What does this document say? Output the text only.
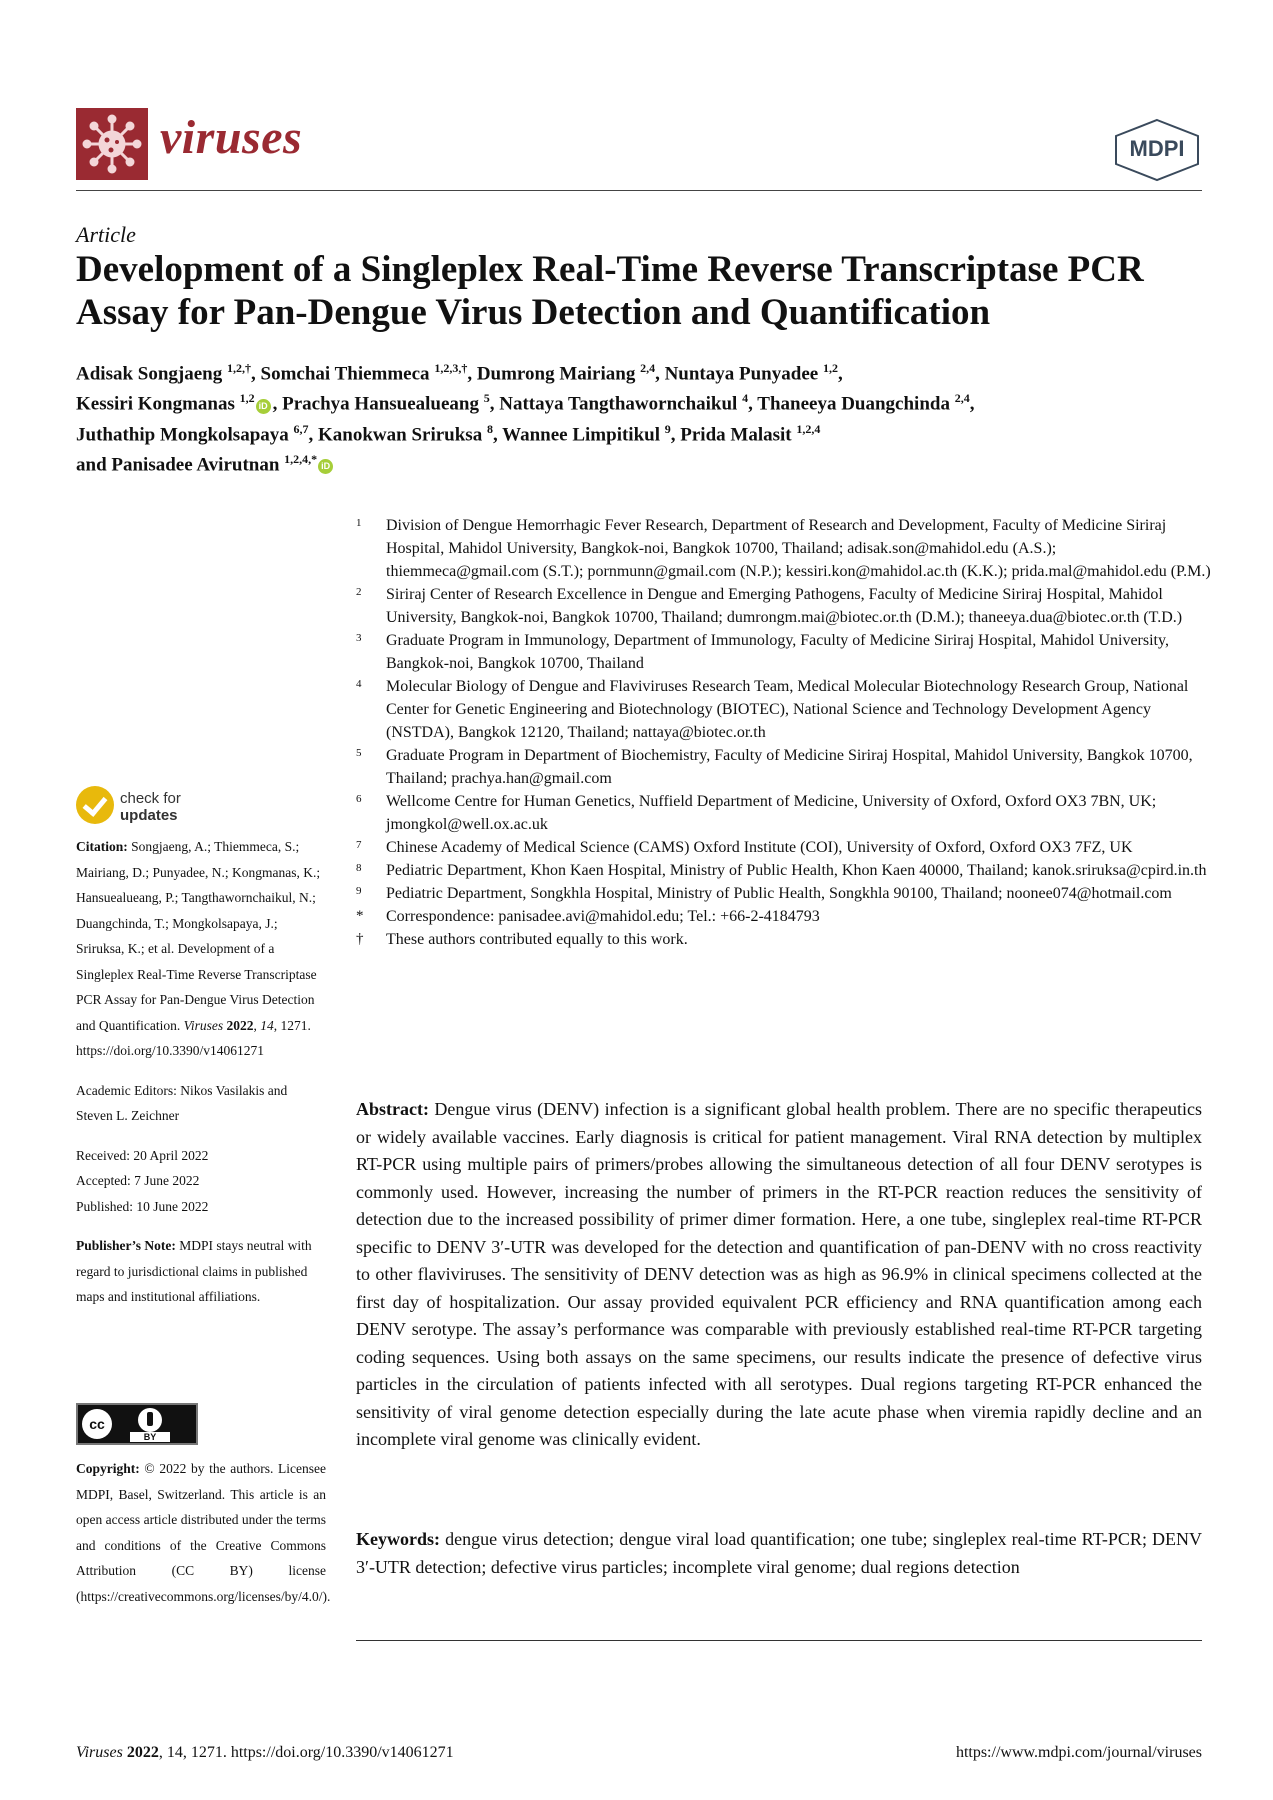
viruses	MDPI
Article
Development of a Singleplex Real-Time Reverse Transcriptase PCR Assay for Pan-Dengue Virus Detection and Quantification
Adisak Songjaeng $^{1,2,\dagger}$, Somchai Thiemmeca $^{1,2,3,\dagger}$, Dumrong Mairiang $^{2,4}$, Nuntaya Punyadee $^{1,2}$,
Kessiri Kongmanas $^{1,2}$iD , Prachya Hansuealueang $^5$, Nattaya Tangthawornchaikul $^4$, Thaneeya Duangchinda $^{2,4}$,
Juthathip Mongkolsapaya $^{6,7}$, Kanokwan Sriruksa $^8$, Wannee Limpitikul $^9$, Prida Malasit $^{1,2,4}$
and Panisadee Avirutnan $^{1,2,4,*}$iD
1	Division of Dengue Hemorrhagic Fever Research, Department of Research and Development, Faculty of Medicine Siriraj Hospital, Mahidol University, Bangkok-noi, Bangkok 10700, Thailand; adisak.son@mahidol.edu (A.S.); thiemmeca@gmail.com (S.T.); pornmunn@gmail.com (N.P.); kessiri.kon@mahidol.ac.th (K.K.); prida.mal@mahidol.edu (P.M.)
2	Siriraj Center of Research Excellence in Dengue and Emerging Pathogens, Faculty of Medicine Siriraj Hospital, Mahidol University, Bangkok-noi, Bangkok 10700, Thailand; dumrongm.mai@biotec.or.th (D.M.); thaneeya.dua@biotec.or.th (T.D.)
3	Graduate Program in Immunology, Department of Immunology, Faculty of Medicine Siriraj Hospital, Mahidol University, Bangkok-noi, Bangkok 10700, Thailand
4	Molecular Biology of Dengue and Flaviviruses Research Team, Medical Molecular Biotechnology Research Group, National Center for Genetic Engineering and Biotechnology (BIOTEC), National Science and Technology Development Agency (NSTDA), Bangkok 12120, Thailand; nattaya@biotec.or.th
5	Graduate Program in Department of Biochemistry, Faculty of Medicine Siriraj Hospital, Mahidol University, Bangkok 10700, Thailand; prachya.han@gmail.com
6	Wellcome Centre for Human Genetics, Nuffield Department of Medicine, University of Oxford, Oxford OX3 7BN, UK; jmongkol@well.ox.ac.uk
7	Chinese Academy of Medical Science (CAMS) Oxford Institute (COI), University of Oxford, Oxford OX3 7FZ, UK
8	Pediatric Department, Khon Kaen Hospital, Ministry of Public Health, Khon Kaen 40000, Thailand; kanok.sriruksa@cpird.in.th
9	Pediatric Department, Songkhla Hospital, Ministry of Public Health, Songkhla 90100, Thailand; noonee074@hotmail.com
*	Correspondence: panisadee.avi@mahidol.edu; Tel.: +66-2-4184793
†	These authors contributed equally to this work.
check for
updates

Citation: Songjaeng, A.; Thiemmeca, S.; Mairiang, D.; Punyadee, N.; Kongmanas, K.; Hansuealueang, P.; Tangthawornchaikul, N.; Duangchinda, T.; Mongkolsapaya, J.; Sriruksa, K.; et al. Development of a Singleplex Real-Time Reverse Transcriptase PCR Assay for Pan-Dengue Virus Detection and Quantification. Viruses 2022, 14, 1271. https://doi.org/10.3390/v14061271

Academic Editors: Nikos Vasilakis and Steven L. Zeichner

Received: 20 April 2022

Accepted: 7 June 2022

Published: 10 June 2022

Publisher’s Note: MDPI stays neutral with regard to jurisdictional claims in published maps and institutional affiliations.

cc
BY
Copyright: © 2022 by the authors. Licensee MDPI, Basel, Switzerland. This article is an open access article distributed under the terms and conditions of the Creative Commons Attribution (CC BY) license (https://creativecommons.org/licenses/by/4.0/).
Abstract: Dengue virus (DENV) infection is a significant global health problem. There are no specific therapeutics or widely available vaccines. Early diagnosis is critical for patient management. Viral RNA detection by multiplex RT-PCR using multiple pairs of primers/probes allowing the simultaneous detection of all four DENV serotypes is commonly used. However, increasing the number of primers in the RT-PCR reaction reduces the sensitivity of detection due to the increased possibility of primer dimer formation. Here, a one tube, singleplex real-time RT-PCR specific to DENV 3′-UTR was developed for the detection and quantification of pan-DENV with no cross reactivity to other flaviviruses. The sensitivity of DENV detection was as high as 96.9% in clinical specimens collected at the first day of hospitalization. Our assay provided equivalent PCR efficiency and RNA quantification among each DENV serotype. The assay’s performance was comparable with previously established real-time RT-PCR targeting coding sequences. Using both assays on the same specimens, our results indicate the presence of defective virus particles in the circulation of patients infected with all serotypes. Dual regions targeting RT-PCR enhanced the sensitivity of viral genome detection especially during the late acute phase when viremia rapidly decline and an incomplete viral genome was clinically evident.
Keywords: dengue virus detection; dengue viral load quantification; one tube; singleplex real-time RT-PCR; DENV 3′-UTR detection; defective virus particles; incomplete viral genome; dual regions detection
Viruses 2022, 14, 1271. https://doi.org/10.3390/v14061271	https://www.mdpi.com/journal/viruses
